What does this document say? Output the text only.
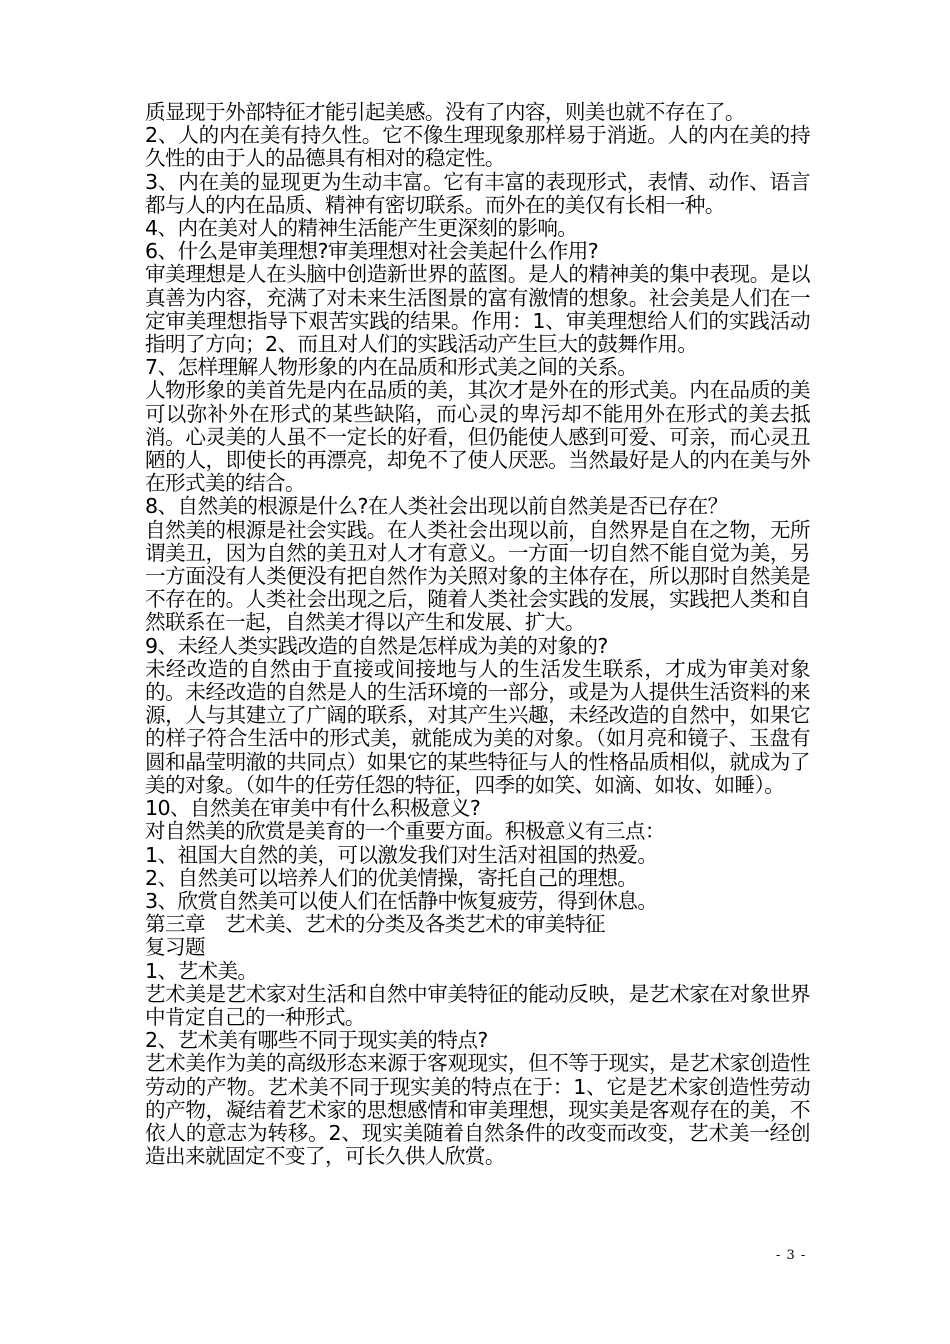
质显现于外部特征才能引起美感。没有了内容，则美也就不存在了。

2、人的内在美有持久性。它不像生理现象那样易于消逝。人的内在美的持久性的由于人的品德具有相对的稳定性。

3、内在美的显现更为生动丰富。它有丰富的表现形式，表情、动作、语言都与人的内在品质、精神有密切联系。而外在的美仅有长相一种。

4、内在美对人的精神生活能产生更深刻的影响。

6、什么是审美理想?审美理想对社会美起什么作用?

审美理想是人在头脑中创造新世界的蓝图。是人的精神美的集中表现。是以真善为内容，充满了对未来生活图景的富有激情的想象。社会美是人们在一定审美理想指导下艰苦实践的结果。作用：1、审美理想给人们的实践活动指明了方向；2、而且对人们的实践活动产生巨大的鼓舞作用。

7、怎样理解人物形象的内在品质和形式美之间的关系。

人物形象的美首先是内在品质的美，其次才是外在的形式美。内在品质的美可以弥补外在形式的某些缺陷，而心灵的卑污却不能用外在形式的美去抵消。心灵美的人虽不一定长的好看，但仍能使人感到可爱、可亲，而心灵丑陋的人，即使长的再漂亮，却免不了使人厌恶。当然最好是人的内在美与外在形式美的结合。

8、自然美的根源是什么?在人类社会出现以前自然美是否已存在？

自然美的根源是社会实践。在人类社会出现以前，自然界是自在之物，无所谓美丑，因为自然的美丑对人才有意义。一方面一切自然不能自觉为美，另一方面没有人类便没有把自然作为关照对象的主体存在，所以那时自然美是不存在的。人类社会出现之后，随着人类社会实践的发展，实践把人类和自然联系在一起，自然美才得以产生和发展、扩大。

9、未经人类实践改造的自然是怎样成为美的对象的?

未经改造的自然由于直接或间接地与人的生活发生联系，才成为审美对象的。未经改造的自然是人的生活环境的一部分，或是为人提供生活资料的来源，人与其建立了广阔的联系，对其产生兴趣，未经改造的自然中，如果它的样子符合生活中的形式美，就能成为美的对象。（如月亮和镜子、玉盘有圆和晶莹明澈的共同点）如果它的某些特征与人的性格品质相似，就成为了美的对象。（如牛的任劳任怨的特征，四季的如笑、如滴、如妆、如睡）。

10、自然美在审美中有什么积极意义?

对自然美的欣赏是美育的一个重要方面。积极意义有三点：

1、祖国大自然的美，可以激发我们对生活对祖国的热爱。

2、自然美可以培养人们的优美情操，寄托自己的理想。

3、欣赏自然美可以使人们在恬静中恢复疲劳，得到休息。

第三章　艺术美、艺术的分类及各类艺术的审美特征

复习题

1、艺术美。

艺术美是艺术家对生活和自然中审美特征的能动反映，是艺术家在对象世界中肯定自己的一种形式。

2、艺术美有哪些不同于现实美的特点?

艺术美作为美的高级形态来源于客观现实，但不等于现实，是艺术家创造性劳动的产物。艺术美不同于现实美的特点在于：1、它是艺术家创造性劳动的产物，凝结着艺术家的思想感情和审美理想，现实美是客观存在的美，不依人的意志为转移。2、现实美随着自然条件的改变而改变，艺术美一经创造出来就固定不变了，可长久供人欣赏。

- 3 -
